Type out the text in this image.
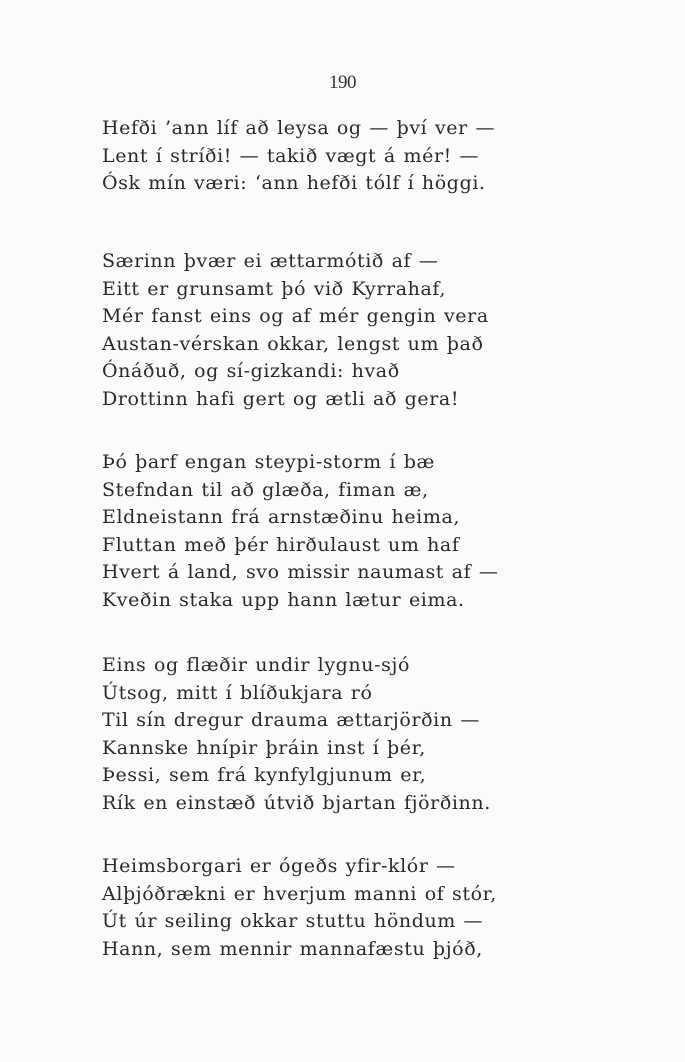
190
Hefði ’ann líf að leysa og — því ver —
Lent í stríði! — takið vægt á mér! —
Ósk mín væri: ‘ann hefði tólf í höggi.
Særinn þvær ei ættarmótið af —
Eitt er grunsamt þó við Kyrrahaf,
Mér fanst eins og af mér gengin vera
Austan-vérskan okkar, lengst um það
Ónáðuð, og sí-gizkandi: hvað
Drottinn hafi gert og ætli að gera!
Þó þarf engan steypi-storm í bæ
Stefndan til að glæða, fiman æ,
Eldneistann frá arnstæðinu heima,
Fluttan með þér hirðulaust um haf
Hvert á land, svo missir naumast af —
Kveðin staka upp hann lætur eima.
Eins og flæðir undir lygnu-sjó
Útsog, mitt í blíðukjara ró
Til sín dregur drauma ættarjörðin —
Kannske hnípir þráin inst í þér,
Þessi, sem frá kynfylgjunum er,
Rík en einstæð útvið bjartan fjörðinn.
Heimsborgari er ógeðs yfir-klór —
Alþjóðrækni er hverjum manni of stór,
Út úr seiling okkar stuttu höndum —
Hann, sem mennir mannafæstu þjóð,
